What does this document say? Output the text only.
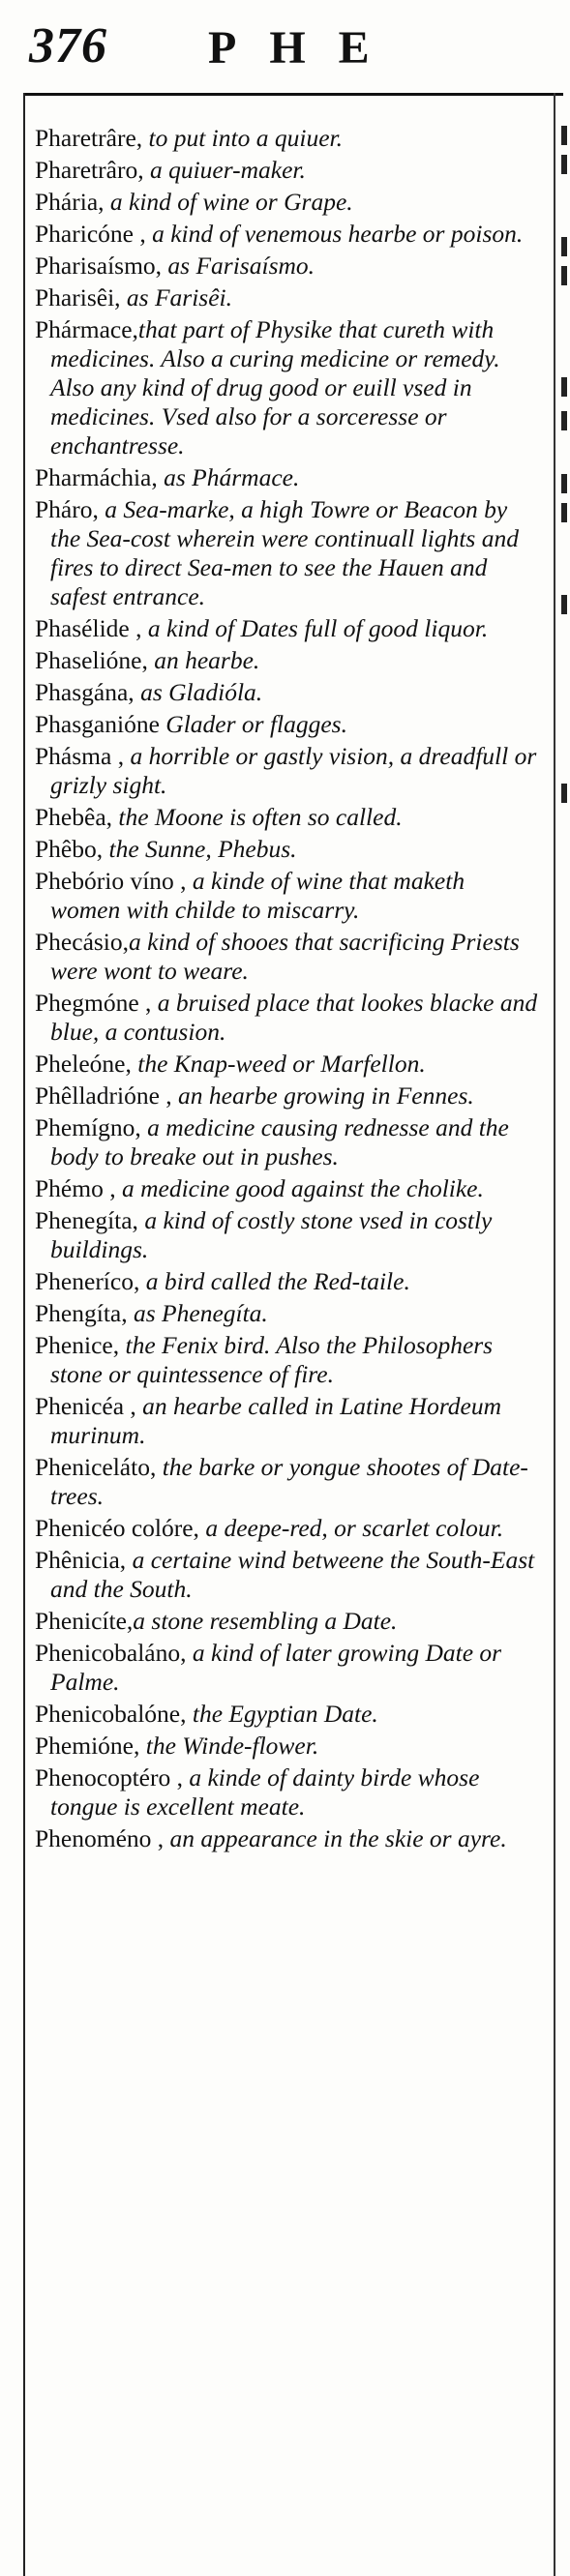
376 PHE
Pharetrâre, to put into a quiuer.
Pharetrâro, a quiuer-maker.
Phária, a kind of wine or Grape.
Pharicóne , a kind of venemous hearbe or poison.
Pharisaísmo, as Farisaísmo.
Pharisêi, as Farisêi.
Phármace,that part of Physike that cureth with medicines. Also a curing medicine or remedy. Also any kind of drug good or euill vsed in medicines. Vsed also for a sorceresse or enchantresse.
Pharmáchia, as Phármace.
Pháro, a Sea-marke, a high Towre or Beacon by the Sea-cost wherein were continuall lights and fires to direct Sea-men to see the Hauen and safest entrance.
Phasélide , a kind of Dates full of good liquor.
Phaselióne, an hearbe.
Phasgána, as Gladióla.
Phasganióne Glader or flagges.
Phásma , a horrible or gastly vision, a dreadfull or grizly sight.
Phebêa, the Moone is often so called.
Phêbo, the Sunne, Phebus.
Phebório víno , a kinde of wine that maketh women with childe to miscarry.
Phecásio,a kind of shooes that sacrificing Priests were wont to weare.
Phegmóne , a bruised place that lookes blacke and blue, a contusion.
Pheleóne, the Knap-weed or Marfellon.
Phêlladrióne , an hearbe growing in Fennes.
Phemígno, a medicine causing rednesse and the body to breake out in pushes.
Phémo , a medicine good against the cholike.
Phenegíta, a kind of costly stone vsed in costly buildings.
Pheneríco, a bird called the Red-taile.
Phengíta, as Phenegíta.
Phenice, the Fenix bird. Also the Philosophers stone or quintessence of fire.
Phenicéa , an hearbe called in Latine Hordeum murinum.
Phenicеláto, the barke or yongue shootes of Date-trees.
Phenicéo colóre, a deepe-red, or scarlet colour.
Phênicia, a certaine wind betweene the South-East and the South.
Phenicíte,a stone resembling a Date.
Phenicobaláno, a kind of later growing Date or Palme.
Phenicobalóne, the Egyptian Date.
Phemióne, the Winde-flower.
Phenocoptéro , a kinde of dainty birde whose tongue is excellent meate.
Phenoméno , an appearance in the skie or ayre.
